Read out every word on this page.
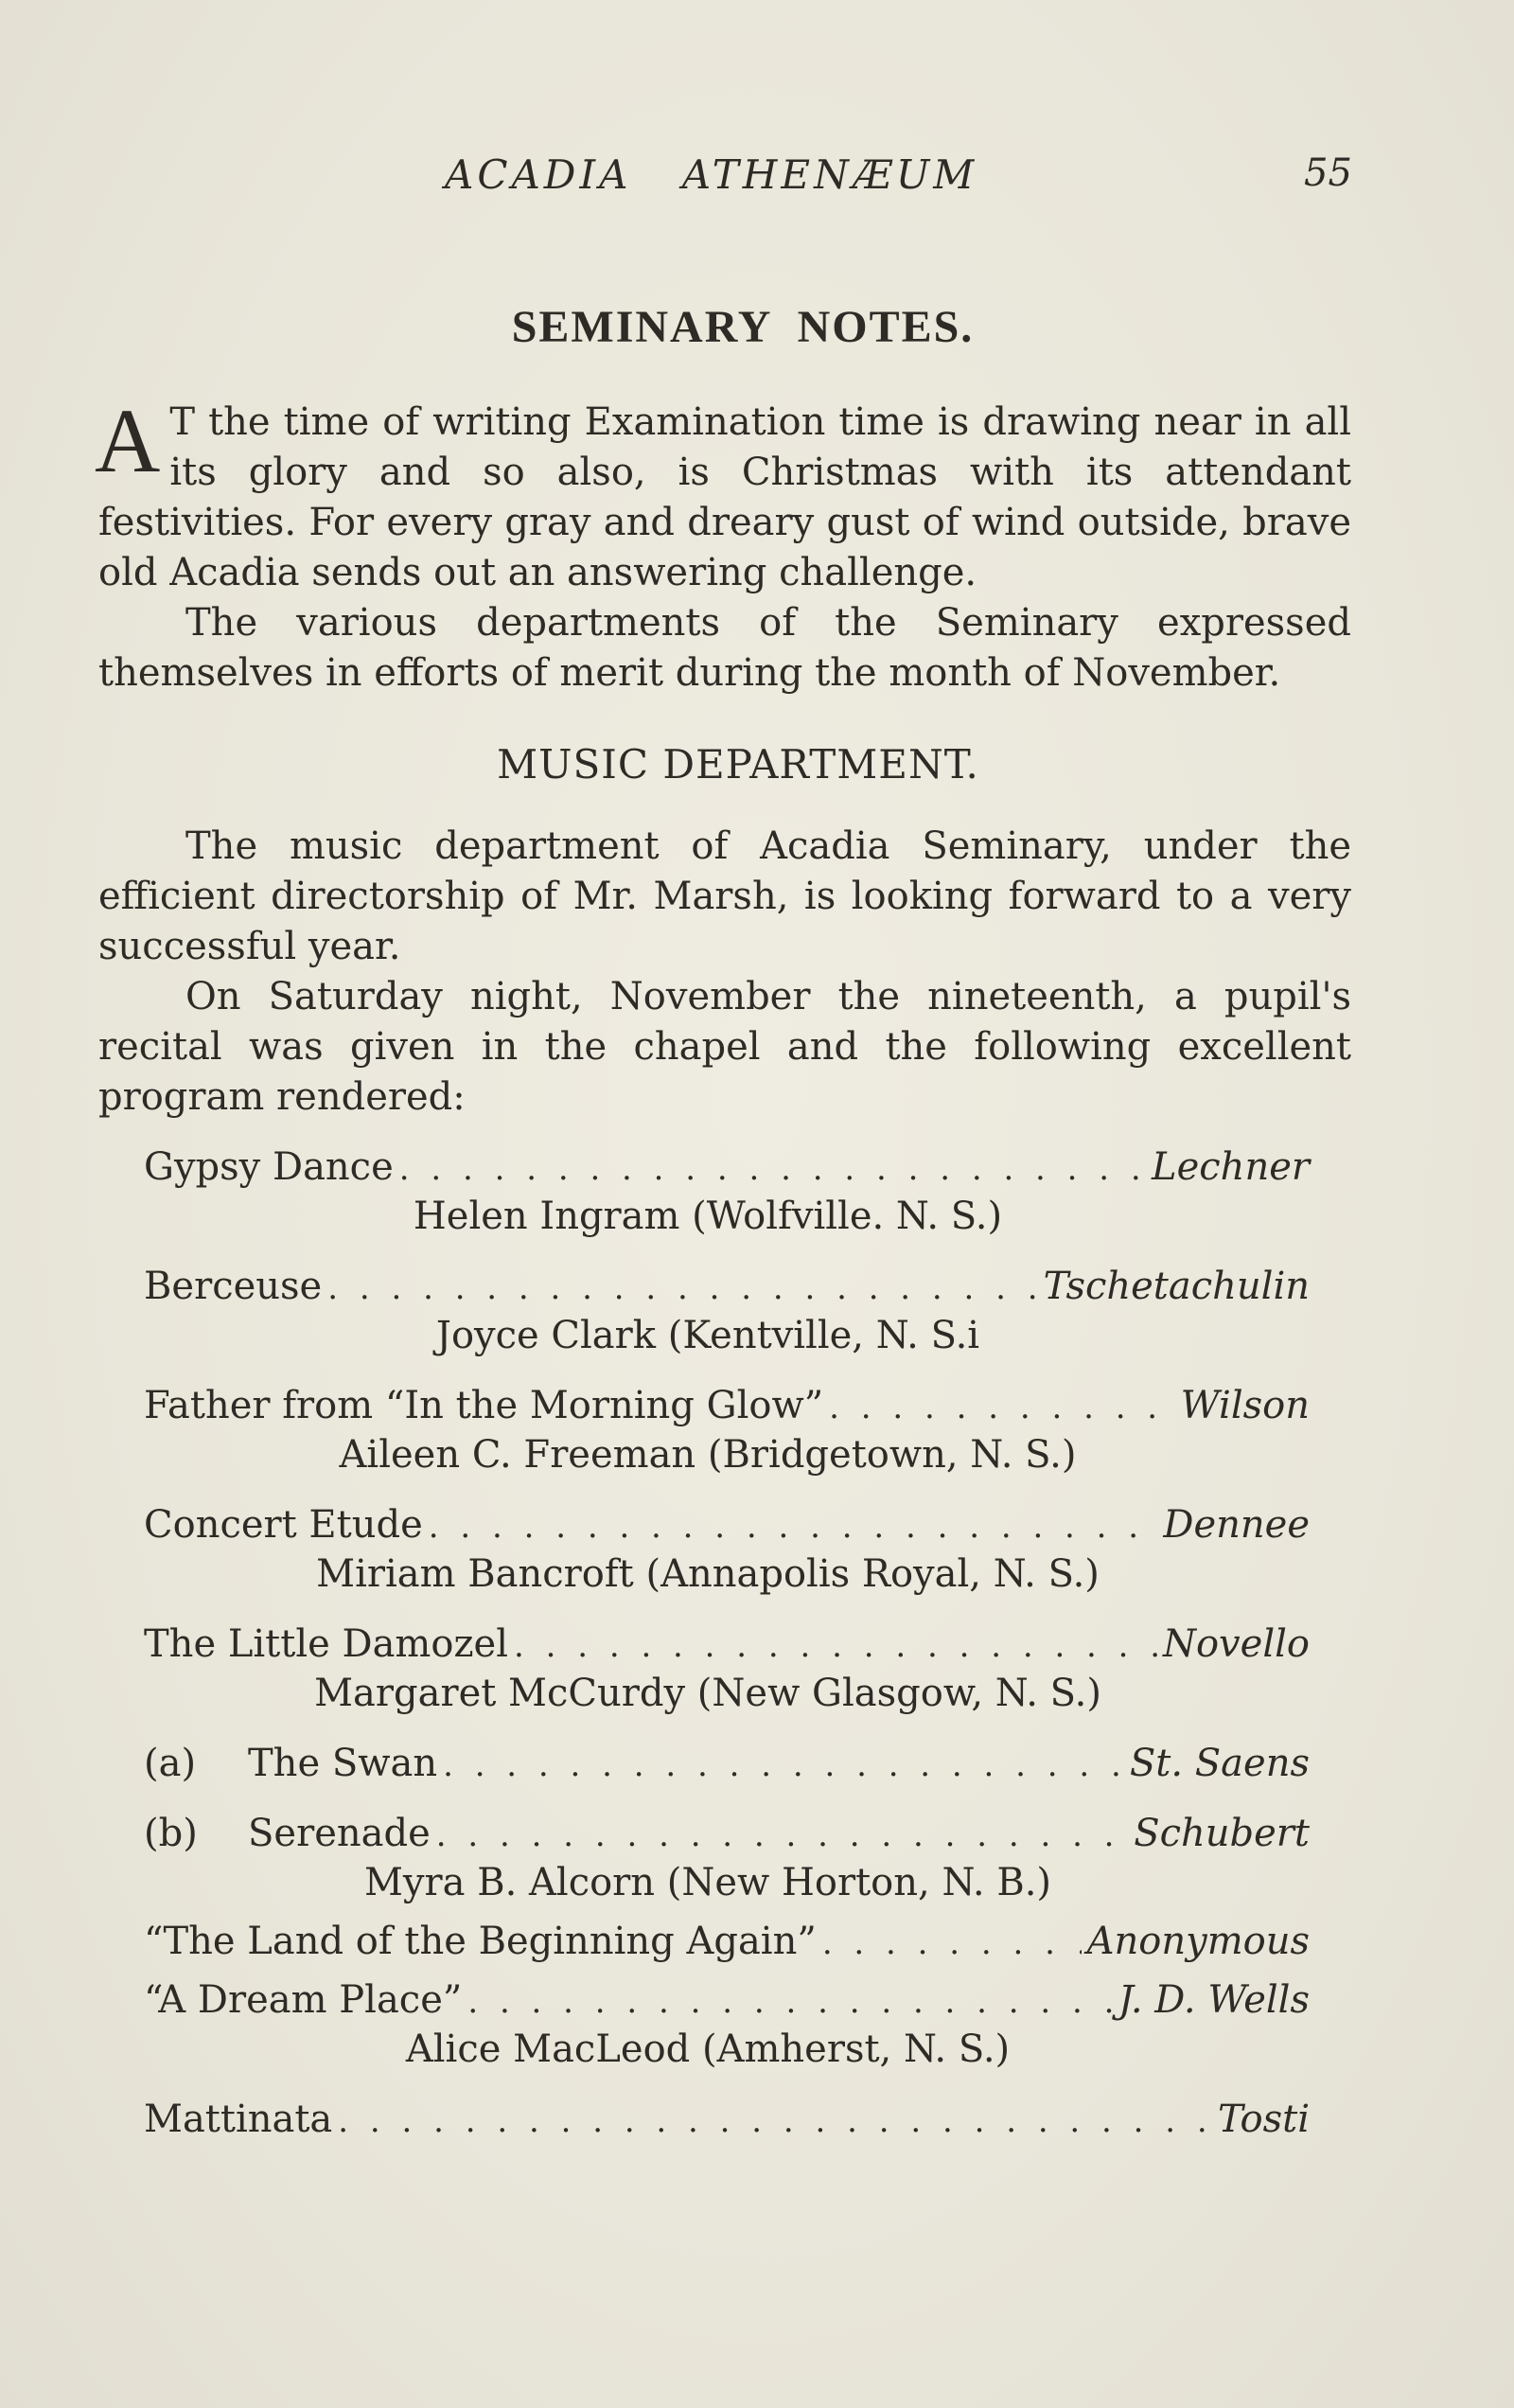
ACADIA ATHENÆUM	55
SEMINARY NOTES.

A T the time of writing Examination time is drawing near in all its glory and so also, is Christmas with its attendant festivities. For every gray and dreary gust of wind outside, brave old Acadia sends out an answering challenge.

The various departments of the Seminary expressed themselves in efforts of merit during the month of November.

MUSIC DEPARTMENT.

The music department of Acadia Seminary, under the efficient directorship of Mr. Marsh, is looking forward to a very successful year.

On Saturday night, November the nineteenth, a pupil's recital was given in the chapel and the following excellent program rendered:

Gypsy Dance . . .	Lechner
Helen Ingram (Wolfville. N. S.)
Berceuse . . .	Tschetachulin
Joyce Clark (Kentville, N. S.i
Father from “In the Morning Glow” . . .	Wilson
Aileen C. Freeman (Bridgetown, N. S.)
Concert Etude . . .	Dennee
Miriam Bancroft (Annapolis Royal, N. S.)
The Little Damozel . . .	Novello
Margaret McCurdy (New Glasgow, N. S.)
(a) The Swan . . .	St. Saens
(b) Serenade . . .	Schubert
Myra B. Alcorn (New Horton, N. B.)
“The Land of the Beginning Again” . . .	Anonymous
“A Dream Place” . . .	J. D. Wells
Alice MacLeod (Amherst, N. S.)
Mattinata . . .	Tosti
